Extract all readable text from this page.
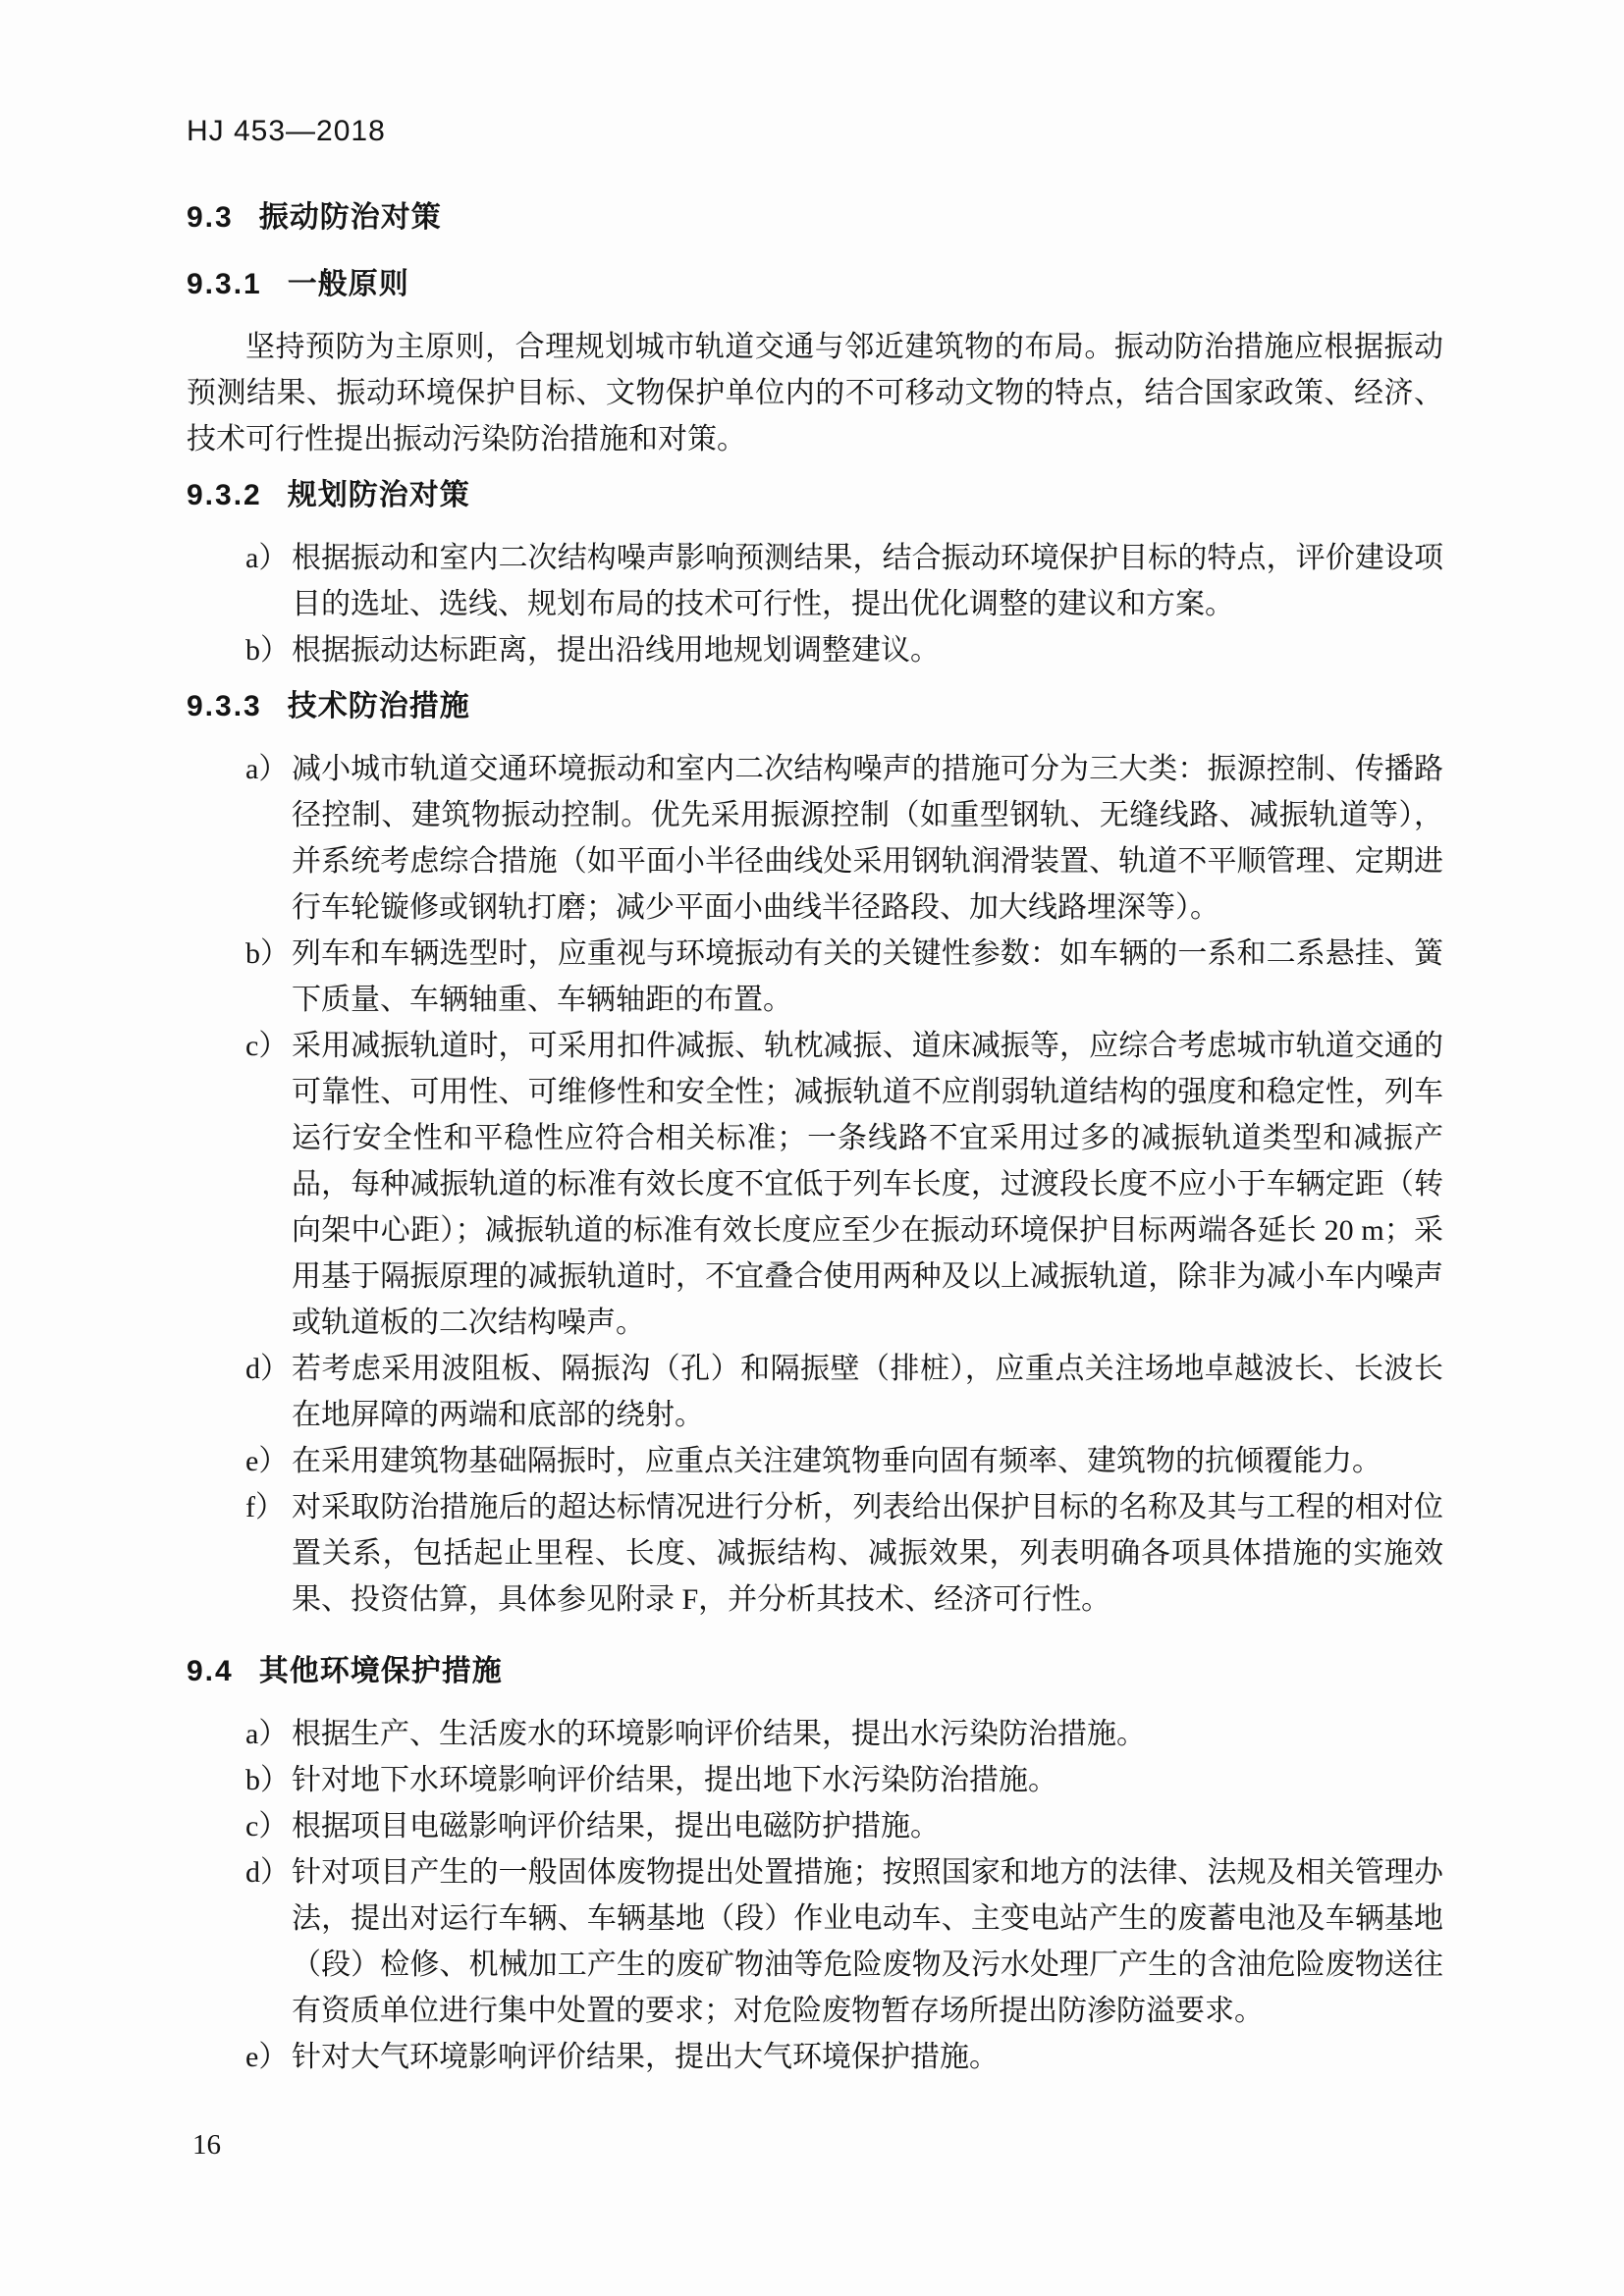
HJ 453—2018
9.3 振动防治对策
9.3.1 一般原则

坚持预防为主原则，合理规划城市轨道交通与邻近建筑物的布局。振动防治措施应根据振动预测结果、振动环境保护目标、文物保护单位内的不可移动文物的特点，结合国家政策、经济、技术可行性提出振动污染防治措施和对策。

9.3.2 规划防治对策
a） 根据振动和室内二次结构噪声影响预测结果，结合振动环境保护目标的特点，评价建设项目的选址、选线、规划布局的技术可行性，提出优化调整的建议和方案。
b） 根据振动达标距离，提出沿线用地规划调整建议。
9.3.3 技术防治措施
a） 减小城市轨道交通环境振动和室内二次结构噪声的措施可分为三大类：振源控制、传播路径控制、建筑物振动控制。优先采用振源控制（如重型钢轨、无缝线路、减振轨道等），并系统考虑综合措施（如平面小半径曲线处采用钢轨润滑装置、轨道不平顺管理、定期进行车轮镟修或钢轨打磨；减少平面小曲线半径路段、加大线路埋深等）。
b） 列车和车辆选型时，应重视与环境振动有关的关键性参数：如车辆的一系和二系悬挂、簧下质量、车辆轴重、车辆轴距的布置。
c） 采用减振轨道时，可采用扣件减振、轨枕减振、道床减振等，应综合考虑城市轨道交通的可靠性、可用性、可维修性和安全性；减振轨道不应削弱轨道结构的强度和稳定性，列车运行安全性和平稳性应符合相关标准；一条线路不宜采用过多的减振轨道类型和减振产品，每种减振轨道的标准有效长度不宜低于列车长度，过渡段长度不应小于车辆定距（转向架中心距）；减振轨道的标准有效长度应至少在振动环境保护目标两端各延长 20 m；采用基于隔振原理的减振轨道时，不宜叠合使用两种及以上减振轨道，除非为减小车内噪声或轨道板的二次结构噪声。
d） 若考虑采用波阻板、隔振沟（孔）和隔振壁（排桩），应重点关注场地卓越波长、长波长在地屏障的两端和底部的绕射。
e） 在采用建筑物基础隔振时，应重点关注建筑物垂向固有频率、建筑物的抗倾覆能力。
f） 对采取防治措施后的超达标情况进行分析，列表给出保护目标的名称及其与工程的相对位置关系，包括起止里程、长度、减振结构、减振效果，列表明确各项具体措施的实施效果、投资估算，具体参见附录 F，并分析其技术、经济可行性。
9.4 其他环境保护措施
a） 根据生产、生活废水的环境影响评价结果，提出水污染防治措施。
b） 针对地下水环境影响评价结果，提出地下水污染防治措施。
c） 根据项目电磁影响评价结果，提出电磁防护措施。
d） 针对项目产生的一般固体废物提出处置措施；按照国家和地方的法律、法规及相关管理办法，提出对运行车辆、车辆基地（段）作业电动车、主变电站产生的废蓄电池及车辆基地（段）检修、机械加工产生的废矿物油等危险废物及污水处理厂产生的含油危险废物送往有资质单位进行集中处置的要求；对危险废物暂存场所提出防渗防溢要求。
e） 针对大气环境影响评价结果，提出大气环境保护措施。
16
